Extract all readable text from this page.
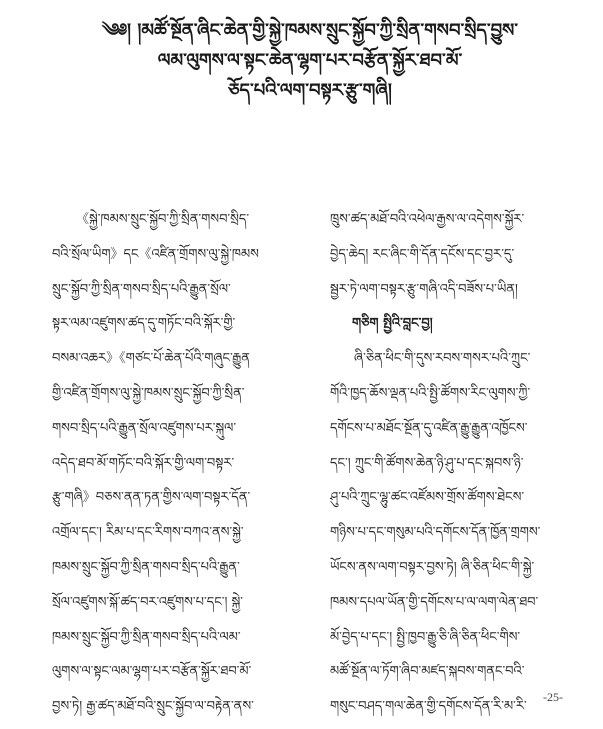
༄༅། །མཚོ་སྔོན་ཞིང་ཆེན་གྱི་སྐྱེ་ཁམས་སྲུང་སྐྱོབ་ཀྱི་སྲིན་གསབ་སྲིད་བྱུས་
ལམ་ལུགས་ལ་སྟང་ཆེན་ལྷག་པར་བརྩོན་སྐྱོར་ཐབ་མོ་
ཅོད་པའི་ལག་བསྟར་རྩུ་གཞི།
《སྐྱེ་ཁམས་སྲུང་སྐྱོབ་ཀྱི་སྲིན་གསབ་སྲིད་
བའི་སྲོལ་ཡིག》དང《འཛིན་གྲོགས་ལུ་སྐྱེ་ཁམས
སྲུང་སྐྱོབ་ཀྱི་སྲིན་གསབ་སྲིད་པའི་རྒྱུན་སྲོལ་
སྟར་ལམ་འཛུགས་ཚད་དུ་གཏོང་བའི་སྐོར་གྱི་
བསམ་འཆར》《གཙང་པོ་ཆེན་པོའི་གཞུང་རྒྱུན
གྱི་འཛིན་གྲོགས་ལུ་སྐྱེ་ཁམས་སྲུང་སྐྱོབ་ཀྱི་སྲིན་
གསབ་སྲིད་པའི་རྒྱུན་སྲོལ་འཛུགས་པར་སྐུལ་
འདེད་ཐབ་མོ་གཏོང་བའི་སྐོར་གྱི་ལག་བསྟར་
རྩུ་གཞི》བཅས་ནན་ཏན་གྱིས་ལག་བསྟར་དོན་
འགྲོལ་དང་། རིམ་པ་དང་རིགས་བཀའ་ནས་སྐྱེ་
ཁམས་སྲུང་སྐྱོབ་ཀྱི་སྲིན་གསབ་སྲིད་པའི་རྒྱུན་
སྲོལ་འཛུགས་སྐོ་ཚད་བར་འཛུགས་པ་དང་། སྐྱེ་
ཁམས་སྲུང་སྐྱོབ་ཀྱི་སྲིན་གསབ་སྲིད་པའི་ལམ་
ལུགས་ལ་སྟང་ལམ་ལྷག་པར་བརྩོན་སྐྱོར་ཐབ་མོ་
བྱས་ཏེ། རྒྱ་ཚད་མཐོ་བའི་སྲུང་སྐྱོབ་ལ་བརྟེན་ནས་
ཁྲུས་ཚད་མཐོ་བའི་འཕེལ་རྒྱས་ལ་འདེགས་སྐྱོར་
བྱེད་ཆེད། རང་ཞིང་གི་དོན་དངོས་དང་བྱར་དུ་
སྦྱར་ཏེ་ལག་བསྟར་རྩུ་གཞི་འདི་བཟོས་པ་ཡིན།
གཅིག སྤྱིའི་བླང་བྱ།
ཞི་ཅིན་ཕིང་གི་དུས་རབས་གསར་པའི་ཀྲུང་
གོའི་ཁྱད་ཆོས་ལྡན་པའི་སྤྱི་ཚོགས་རིང་ལུགས་ཀྱི་
དགོངས་པ་མཐོང་སྔོན་དུ་འཛིན་རྒྱུ་རྒྱུན་འཁྱོངས་
དང་། ཀྲུང་གི་ཚོགས་ཆེན་ཉི་ཤུ་པ་དང་སྐབས་ཉི་
ཤུ་པའི་ཀྲུང་ལྷུ་ཚང་འཛོམས་གྲོས་ཚོགས་ཐེངས་
གཉིས་པ་དང་གསུམ་པའི་དགོངས་དོན་ཁྱོན་གྲགས་
ཡོངས་ནས་ལག་བསྟར་བྱས་ཏེ། ཞི་ཅིན་ཕིང་གི་སྐྱེ་
ཁམས་དཔལ་ཡོན་གྱི་དགོངས་པ་ལ་ལག་ལེན་ཐབ་
མོ་བྱེད་པ་དང་། སྤྱི་ཁྱབ་རྒྱུ་ཅི་ཞི་ཅིན་ཕིང་གིས་
མཚོ་སྔོན་ལ་ཏོག་ཞིབ་མཛད་སྐབས་གནང་བའི་
གསུང་བཤད་གལ་ཆེན་གྱི་དགོངས་དོན་རི་མ་རི་
-25-
